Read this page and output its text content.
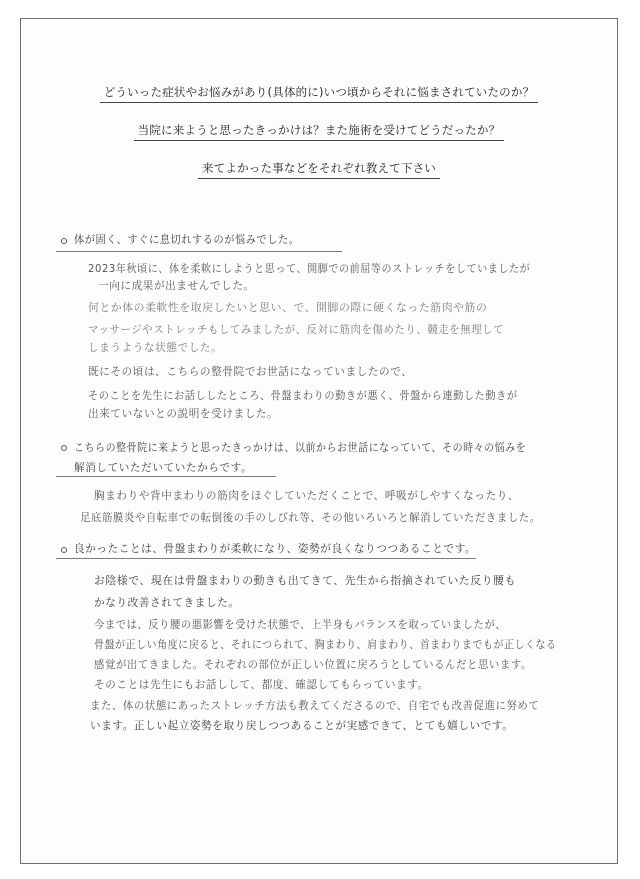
どういった症状やお悩みがあり(具体的に)いつ頃からそれに悩まされていたのか？
当院に来ようと思ったきっかけは？また施術を受けてどうだったか？
来てよかった事などをそれぞれ教えて下さい
体が固く、すぐに息切れするのが悩みでした。
2023年秋頃に、体を柔軟にしようと思って、開脚での前屈等のストレッチをしていましたが
一向に成果が出ませんでした。
何とか体の柔軟性を取戻したいと思い、で、開脚の際に硬くなった筋肉や筋の
マッサージやストレッチもしてみましたが、反対に筋肉を傷めたり、競走を無理して
しまうような状態でした。
既にその頃は、こちらの整骨院でお世話になっていましたので、
そのことを先生にお話ししたところ、骨盤まわりの動きが悪く、骨盤から連動した動きが
出来ていないとの説明を受けました。
こちらの整骨院に来ようと思ったきっかけは、以前からお世話になっていて、その時々の悩みを
解消していただいていたからです。
胸まわりや背中まわりの筋肉をほぐしていただくことで、呼吸がしやすくなったり、
足底筋膜炎や自転車での転倒後の手のしびれ等、その他いろいろと解消していただきました。
良かったことは、骨盤まわりが柔軟になり、姿勢が良くなりつつあることです。
お陰様で、現在は骨盤まわりの動きも出てきて、先生から指摘されていた反り腰も
かなり改善されてきました。
今までは、反り腰の悪影響を受けた状態で、上半身もバランスを取っていましたが、
骨盤が正しい角度に戻ると、それにつられて、胸まわり、肩まわり、首まわりまでもが正しくなる
感覚が出てきました。それぞれの部位が正しい位置に戻ろうとしているんだと思います。
そのことは先生にもお話しして、都度、確認してもらっています。
また、体の状態にあったストレッチ方法も教えてくださるので、自宅でも改善促進に努めて
います。正しい起立姿勢を取り戻しつつあることが実感できて、とても嬉しいです。
